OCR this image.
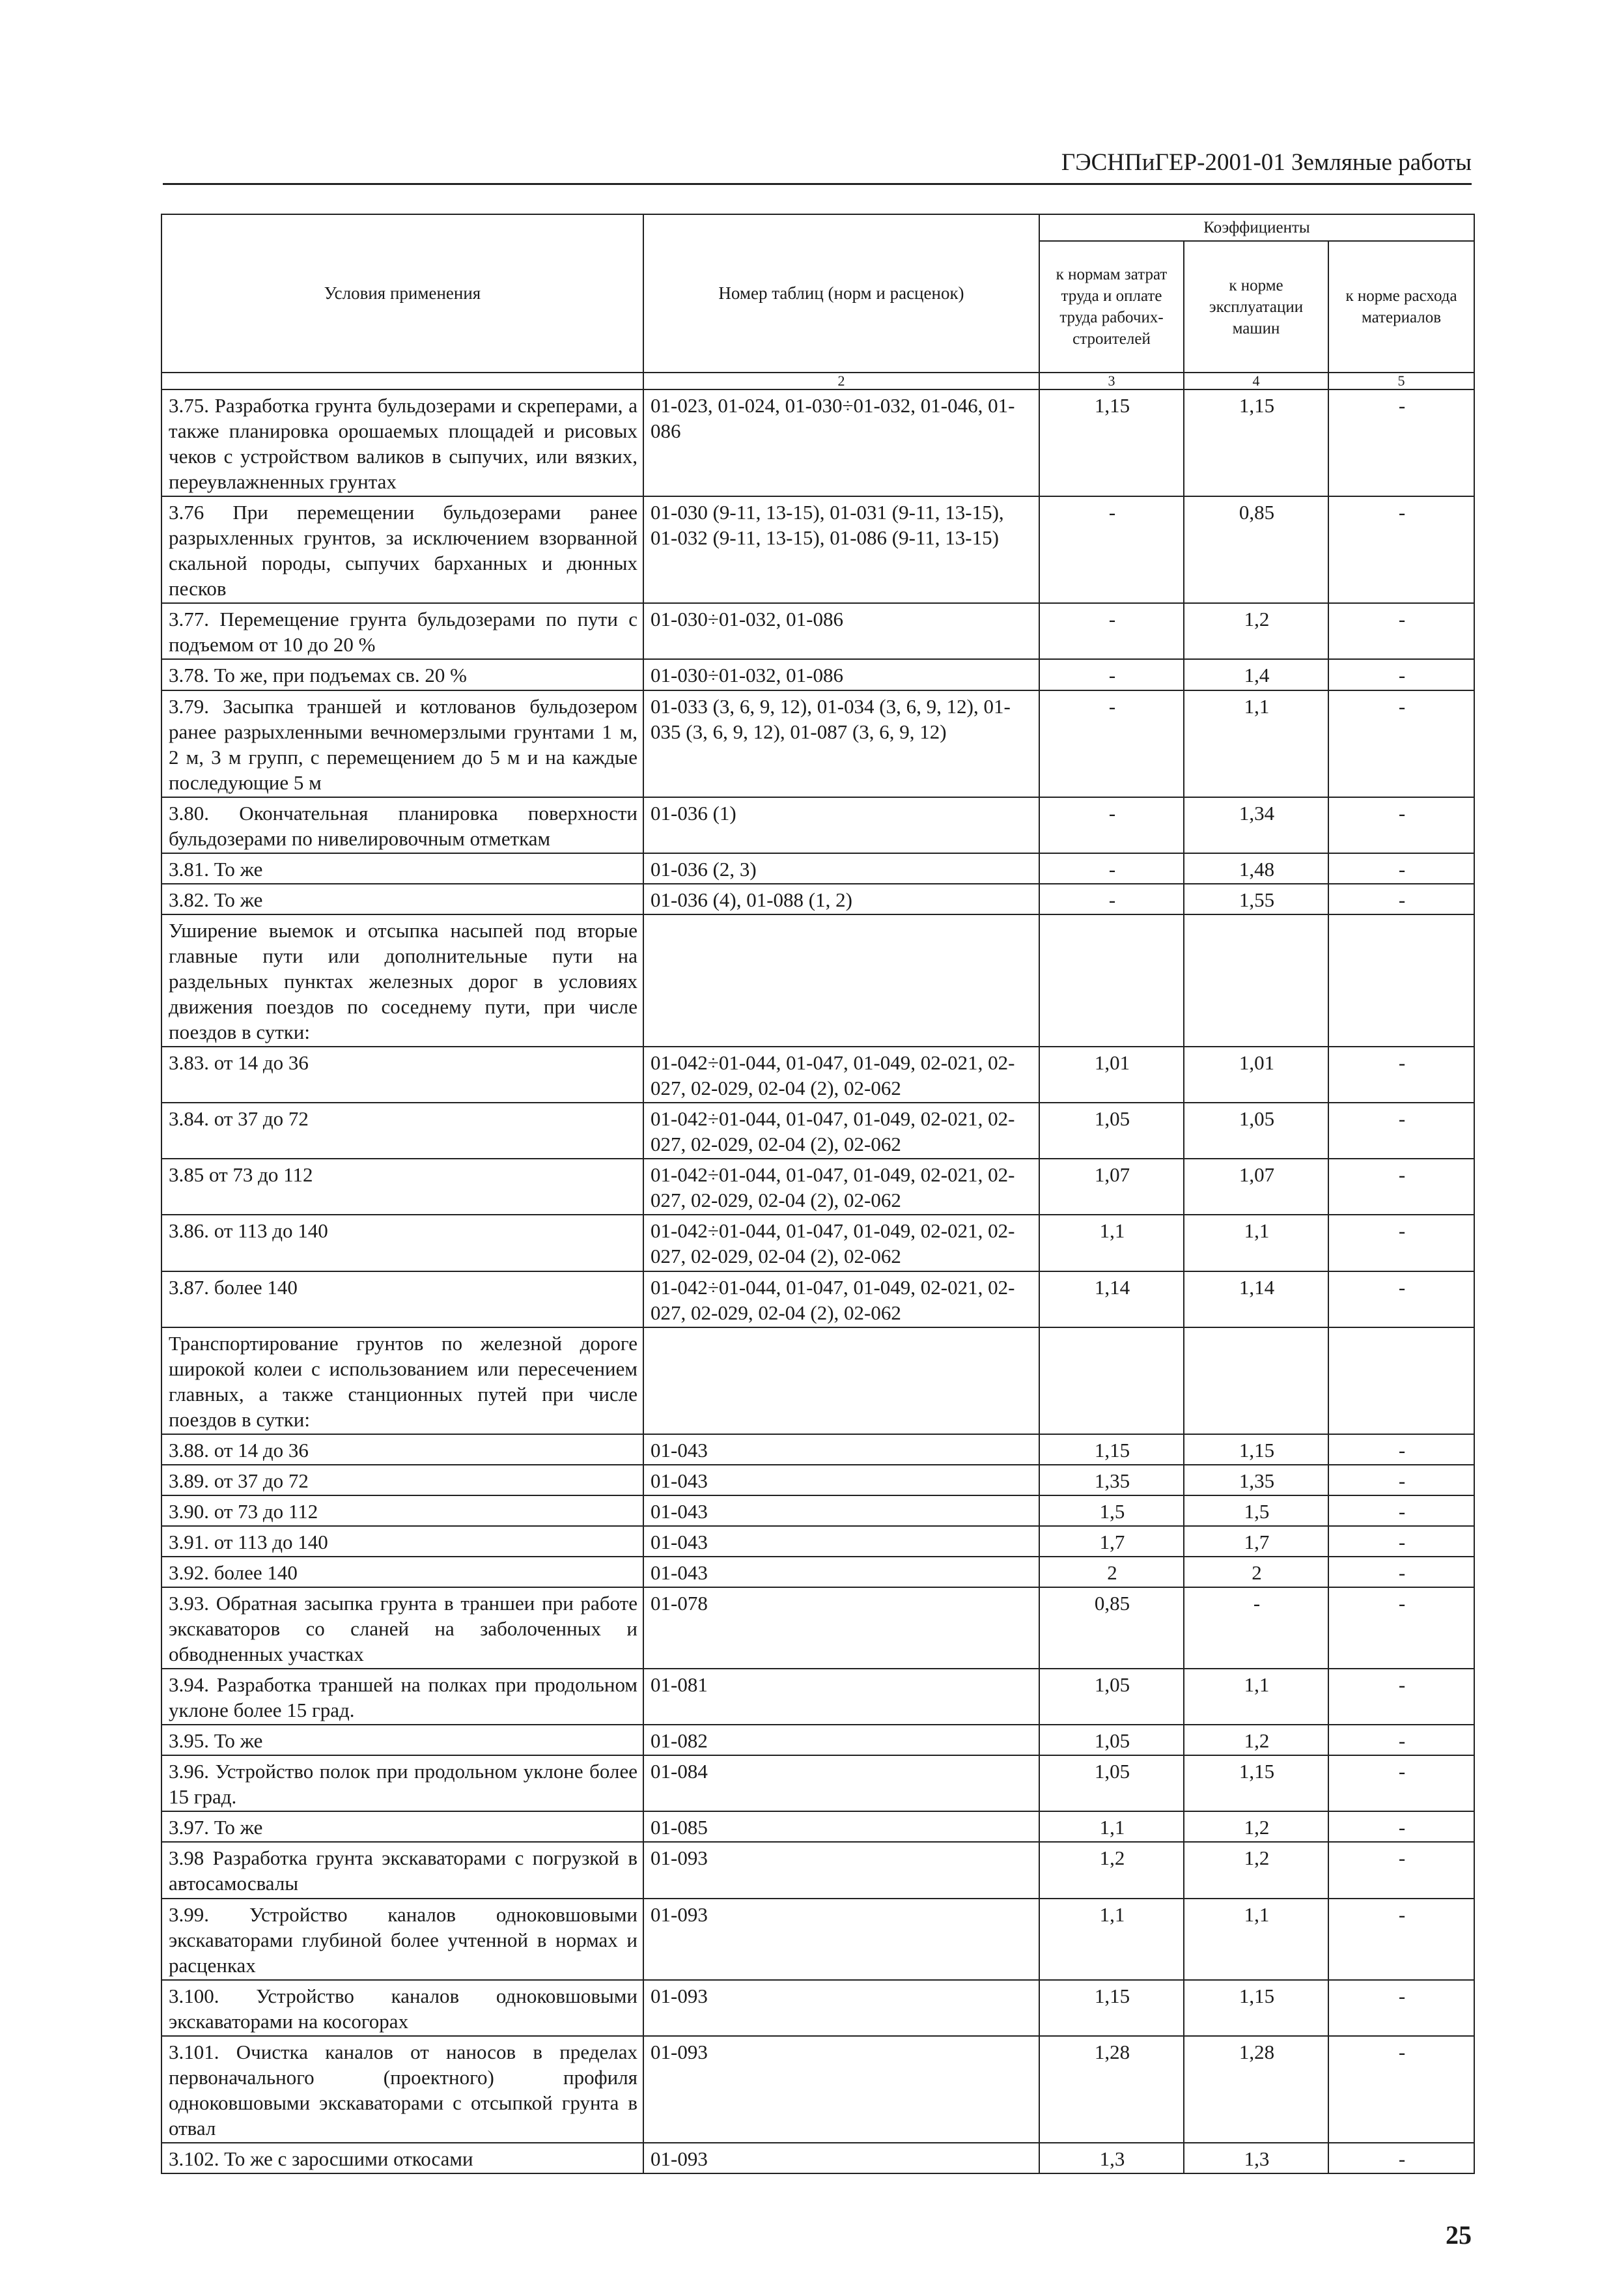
ГЭСНПиГЕР-2001-01 Земляные работы
Условия применения	Номер таблиц (норм и расценок)	Коэффициенты		
		к нормам затрат труда и оплате труда рабочих-строителей	к норме эксплуатации машин	к норме расхода материалов
	2	3	4	5
3.75. Разработка грунта бульдозерами и скреперами, а также планировка орошаемых площадей и рисовых чеков с устройством валиков в сыпучих, или вязких, переувлажненных грунтах	01-023, 01-024, 01-030÷01-032, 01-046, 01-086	1,15	1,15	-
3.76 При перемещении бульдозерами ранее разрыхленных грунтов, за исключением взорванной скальной породы, сыпучих барханных и дюнных песков	01-030 (9-11, 13-15), 01-031 (9-11, 13-15), 01-032 (9-11, 13-15), 01-086 (9-11, 13-15)	-	0,85	-
3.77. Перемещение грунта бульдозерами по пути с подъемом от 10 до 20 %	01-030÷01-032, 01-086	-	1,2	-
3.78. То же, при подъемах св. 20 %	01-030÷01-032, 01-086	-	1,4	-
3.79. Засыпка траншей и котлованов бульдозером ранее разрыхленными вечномерзлыми грунтами 1 м, 2 м, 3 м групп, с перемещением до 5 м и на каждые последующие 5 м	01-033 (3, 6, 9, 12), 01-034 (3, 6, 9, 12), 01-035 (3, 6, 9, 12), 01-087 (3, 6, 9, 12)	-	1,1	-
3.80. Окончательная планировка поверхности бульдозерами по нивелировочным отметкам	01-036 (1)	-	1,34	-
3.81. То же	01-036 (2, 3)	-	1,48	-
3.82. То же	01-036 (4), 01-088 (1, 2)	-	1,55	-
Уширение выемок и отсыпка насыпей под вторые главные пути или дополнительные пути на раздельных пунктах железных дорог в условиях движения поездов по соседнему пути, при числе поездов в сутки:				
3.83. от 14 до 36	01-042÷01-044, 01-047, 01-049, 02-021, 02-027, 02-029, 02-04 (2), 02-062	1,01	1,01	-
3.84. от 37 до 72	01-042÷01-044, 01-047, 01-049, 02-021, 02-027, 02-029, 02-04 (2), 02-062	1,05	1,05	-
3.85 от 73 до 112	01-042÷01-044, 01-047, 01-049, 02-021, 02-027, 02-029, 02-04 (2), 02-062	1,07	1,07	-
3.86. от 113 до 140	01-042÷01-044, 01-047, 01-049, 02-021, 02-027, 02-029, 02-04 (2), 02-062	1,1	1,1	-
3.87. более 140	01-042÷01-044, 01-047, 01-049, 02-021, 02-027, 02-029, 02-04 (2), 02-062	1,14	1,14	-
Транспортирование грунтов по железной дороге широкой колеи с использованием или пересечением главных, а также станционных путей при числе поездов в сутки:				
3.88. от 14 до 36	01-043	1,15	1,15	-
3.89. от 37 до 72	01-043	1,35	1,35	-
3.90. от 73 до 112	01-043	1,5	1,5	-
3.91. от 113 до 140	01-043	1,7	1,7	-
3.92. более 140	01-043	2	2	-
3.93. Обратная засыпка грунта в траншеи при работе экскаваторов со сланей на заболоченных и обводненных участках	01-078	0,85	-	-
3.94. Разработка траншей на полках при продольном уклоне более 15 град.	01-081	1,05	1,1	-
3.95. То же	01-082	1,05	1,2	-
3.96. Устройство полок при продольном уклоне более 15 град.	01-084	1,05	1,15	-
3.97. То же	01-085	1,1	1,2	-
3.98 Разработка грунта экскаваторами с погрузкой в автосамосвалы	01-093	1,2	1,2	-
3.99. Устройство каналов одноковшовыми экскаваторами глубиной более учтенной в нормах и расценках	01-093	1,1	1,1	-
3.100. Устройство каналов одноковшовыми экскаваторами на косогорах	01-093	1,15	1,15	-
3.101. Очистка каналов от наносов в пределах первоначального (проектного) профиля одноковшовыми экскаваторами с отсыпкой грунта в отвал	01-093	1,28	1,28	-
3.102. То же с заросшими откосами	01-093	1,3	1,3	-
25
